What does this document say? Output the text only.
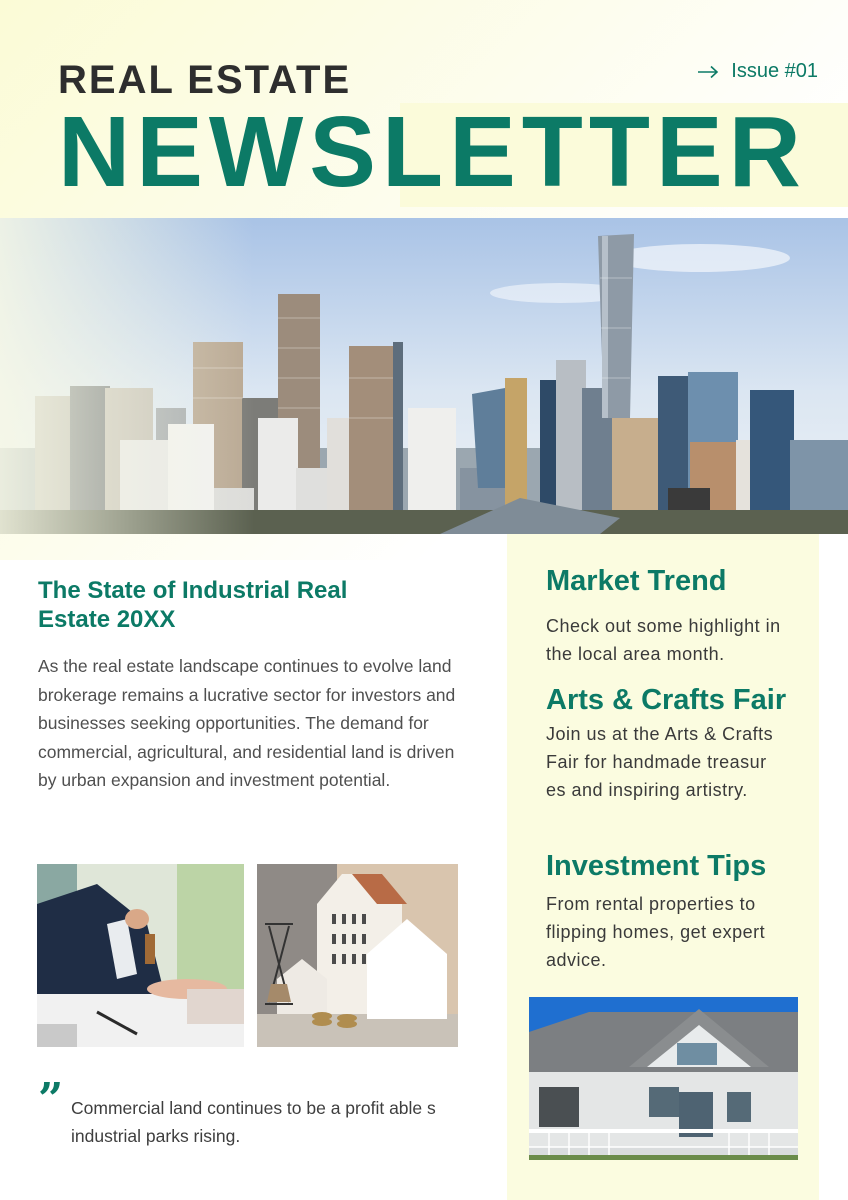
REAL ESTATE
NEWSLETTER
Issue #01
The State of Industrial Real Estate 20XX

As the real estate landscape continues to evolve land brokerage remains a lucrative sector for investors and businesses seeking opportunities. The demand for commercial, agricultural, and residential land is driven by urban expansion and investment potential.

” Commercial land continues to be a profit able s industrial parks rising.

Market Trend

Check out some highlight in the local area month.

Arts & Crafts Fair

Join us at the Arts & Crafts Fair for handmade treasur es and inspiring artistry.

Investment Tips

From rental properties to flipping homes, get expert advice.
